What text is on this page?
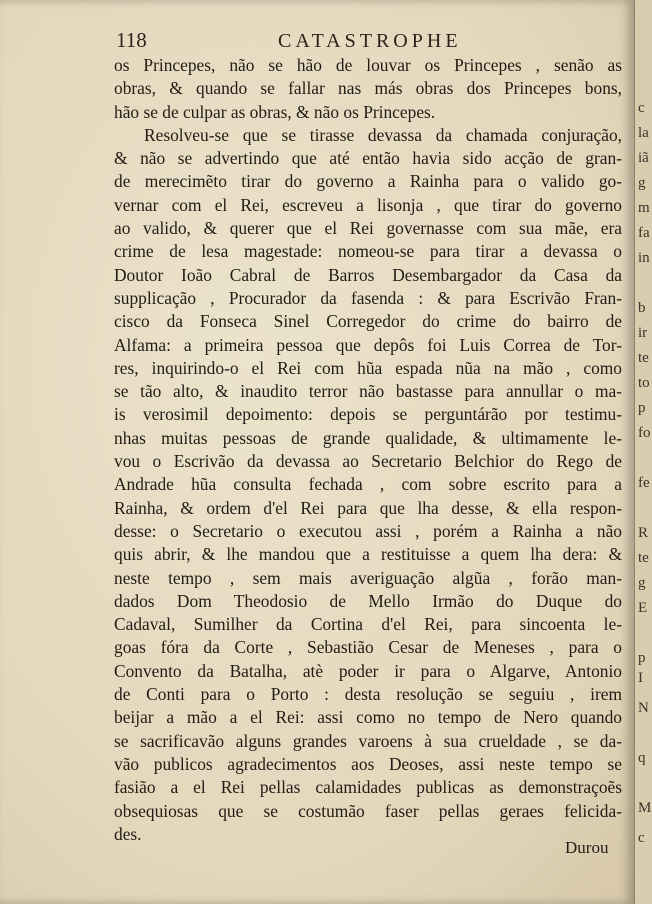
118	CATASTROPHE
os Princepes, não se hão de louvar os Princepes , senão as
obras, & quando se fallar nas más obras dos Princepes bons,
hão se de culpar as obras, & não os Princepes.
Resolveu-se que se tirasse devassa da chamada conjuração,
& não se advertindo que até então havia sido acção de gran-
de merecimẽto tirar do governo a Rainha para o valido go-
vernar com el Rei, escreveu a lisonja , que tirar do governo
ao valido, & querer que el Rei governasse com sua mãe, era
crime de lesa magestade: nomeou-se para tirar a devassa o
Doutor Ioão Cabral de Barros Desembargador da Casa da
supplicação , Procurador da fasenda : & para Escrivão Fran-
cisco da Fonseca Sinel Corregedor do crime do bairro de
Alfama: a primeira pessoa que depôs foi Luis Correa de Tor-
res, inquirindo-o el Rei com hũa espada nũa na mão , como
se tão alto, & inaudito terror não bastasse para annullar o ma-
is verosimil depoimento: depois se perguntárão por testimu-
nhas muitas pessoas de grande qualidade, & ultimamente le-
vou o Escrivão da devassa ao Secretario Belchior do Rego de
Andrade hũa consulta fechada , com sobre escrito para a
Rainha, & ordem d'el Rei para que lha desse, & ella respon-
desse: o Secretario o executou assi , porém a Rainha a não
quis abrir, & lhe mandou que a restituisse a quem lha dera: &
neste tempo , sem mais averiguação algũa , forão man-
dados Dom Theodosio de Mello Irmão do Duque do
Cadaval, Sumilher da Cortina d'el Rei, para sincoenta le-
goas fóra da Corte , Sebastião Cesar de Meneses , para o
Convento da Batalha, atè poder ir para o Algarve, Antonio
de Conti para o Porto : desta resolução se seguiu , irem
beijar a mão a el Rei: assi como no tempo de Nero quando
se sacrificavão alguns grandes varoens à sua crueldade , se da-
vão publicos agradecimentos aos Deoses, assi neste tempo se
fasião a el Rei pellas calamidades publicas as demonstraçoẽs
obsequiosas que se costumão faser pellas geraes felicida-
des.
Durou
c
la
iã
g
m
fa
in
b
ir
te
to
p
fo
fe
R
te
g
E
p
I
N
q
M
c
